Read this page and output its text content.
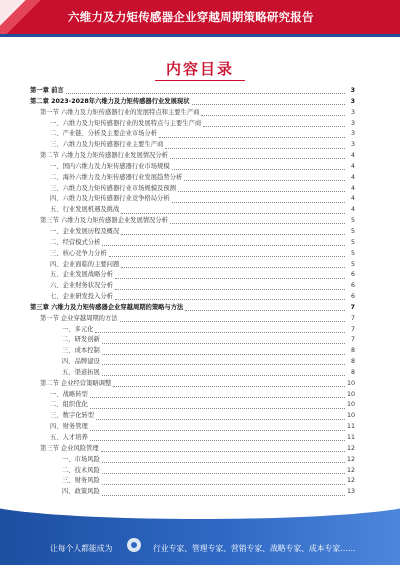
六维力及力矩传感器企业穿越周期策略研究报告
内容目录
第一章 前言	3
第二章 2023-2028年六维力及力矩传感器行业发展现状	3
第一节 六维力及力矩传感器行业的发展特点和主要生产商	3
一、六维力及力矩传感器行业的发展特点与主要生产商	3
二、产业链、分析及主要企业市场分析	3
三、六维力及力矩传感器行业主要生产商	3
第二节 六维力及力矩传感器行业发展情况分析	4
一、国内六维力及力矩传感器行业市场规模	4
二、海外六维力及力矩传感器行业发展趋势分析	4
三、六维力及力矩传感器行业市场规模及预测	4
四、六维力及力矩传感器行业竞争格局分析	4
五、行业发展机遇及挑战	4
第三节 六维力及力矩传感器企业发展情况分析	5
一、企业发展历程及概况	5
二、经营模式分析	5
三、核心竞争力分析	5
四、企业面临的主要问题	5
五、企业发展战略分析	6
六、企业财务状况分析	6
七、企业研发投入分析	6
第三章 六维力及力矩传感器企业穿越周期的策略与方法	7
第一节 企业穿越周期的方法	7
一、多元化	7
二、研发创新	7
三、成本控制	8
四、品牌建设	8
五、渠道拓展	8
第二节 企业经营策略调整	10
一、战略转型	10
二、组织优化	10
三、数字化转型	10
四、财务管理	11
五、人才培养	11
第三节 企业风险管理	12
一、市场风险	12
二、技术风险	12
三、财务风险	12
四、政策风险	13
让每个人都能成为	行业专家、管理专家、营销专家、战略专家、成本专家……
